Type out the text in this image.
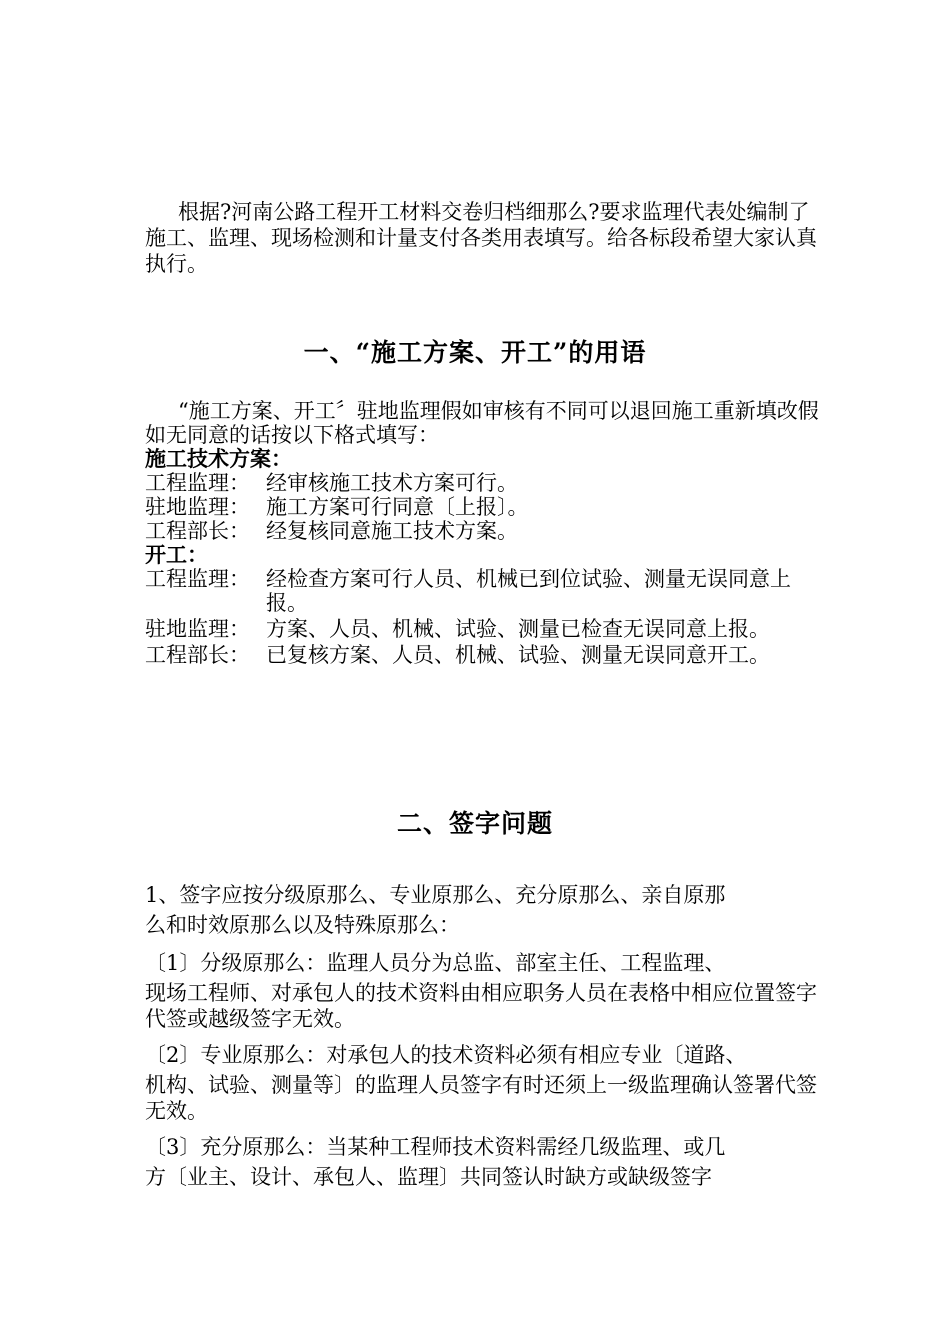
根据?河南公路工程开工材料交卷归档细那么?要求监理代表处编制了施工、监理、现场检测和计量支付各类用表填写。给各标段希望大家认真执行。

一、“施工方案、开工”的用语

“施工方案、开工〞驻地监理假如审核有不同可以退回施工重新填改假如无同意的话按以下格式填写：

施工技术方案：

工程监理： 经审核施工技术方案可行。
驻地监理： 施工方案可行同意〔上报〕。
工程部长： 经复核同意施工技术方案。

开工：

工程监理： 经检查方案可行人员、机械已到位试验、测量无误同意上报。
驻地监理： 方案、人员、机械、试验、测量已检查无误同意上报。
工程部长： 已复核方案、人员、机械、试验、测量无误同意开工。
二、签字问题

1、签字应按分级原那么、专业原那么、充分原那么、亲自原那
么和时效原那么以及特殊原那么：

〔1〕分级原那么：监理人员分为总监、部室主任、工程监理、
现场工程师、对承包人的技术资料由相应职务人员在表格中相应位置签字代签或越级签字无效。

〔2〕专业原那么：对承包人的技术资料必须有相应专业〔道路、
机构、试验、测量等〕的监理人员签字有时还须上一级监理确认签署代签无效。

〔3〕充分原那么：当某种工程师技术资料需经几级监理、或几
方〔业主、设计、承包人、监理〕共同签认时缺方或缺级签字
